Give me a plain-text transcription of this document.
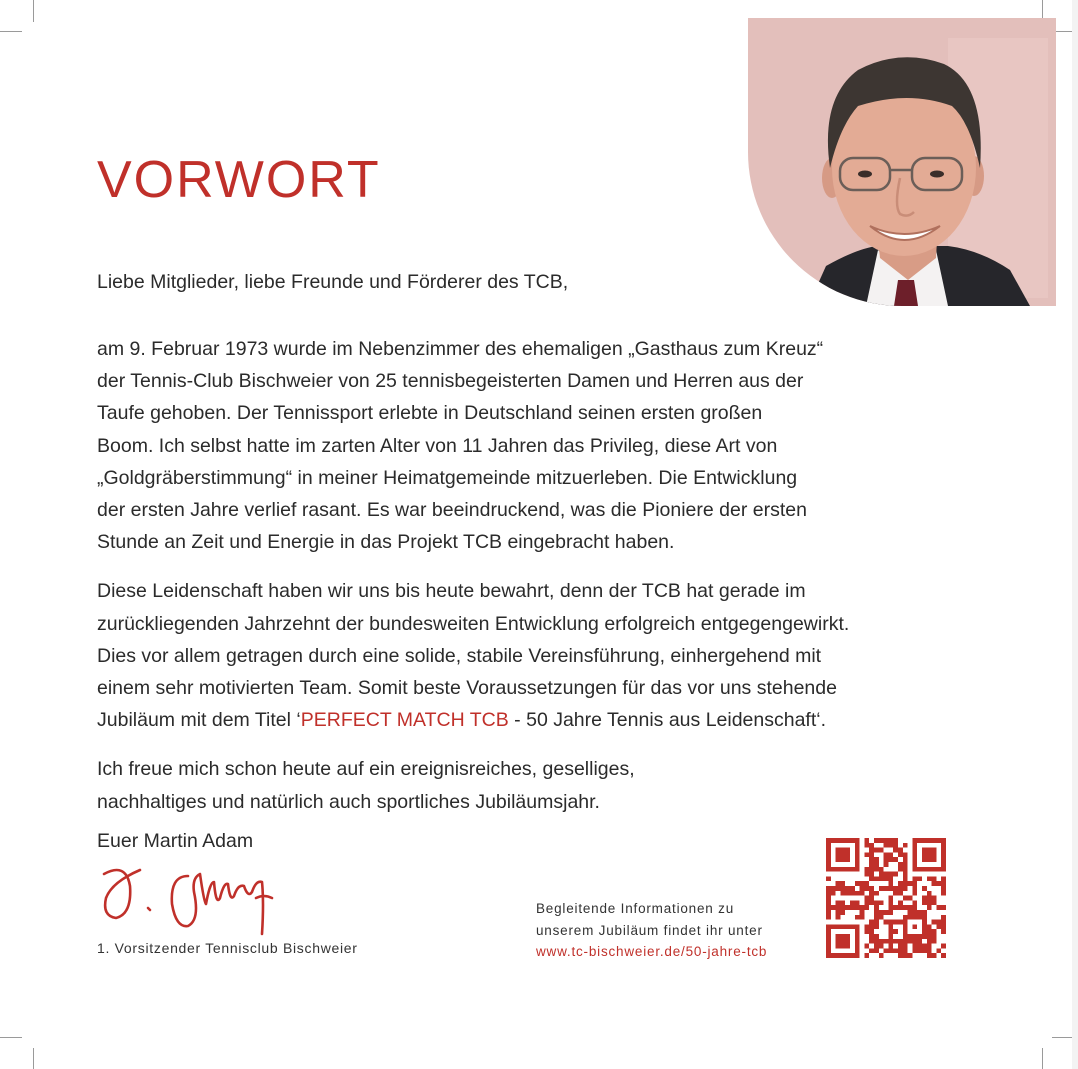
VORWORT

Liebe Mitglieder, liebe Freunde und Förderer des TCB,

am 9. Februar 1973 wurde im Nebenzimmer des ehemaligen „Gasthaus zum Kreuz“
der Tennis-Club Bischweier von 25 tennisbegeisterten Damen und Herren aus der
Taufe gehoben. Der Tennissport erlebte in Deutschland seinen ersten großen
Boom. Ich selbst hatte im zarten Alter von 11 Jahren das Privileg, diese Art von
„Goldgräberstimmung“ in meiner Heimatgemeinde mitzuerleben. Die Entwicklung
der ersten Jahre verlief rasant. Es war beeindruckend, was die Pioniere der ersten
Stunde an Zeit und Energie in das Projekt TCB eingebracht haben.

Diese Leidenschaft haben wir uns bis heute bewahrt, denn der TCB hat gerade im
zurückliegenden Jahrzehnt der bundesweiten Entwicklung erfolgreich entgegengewirkt.
Dies vor allem getragen durch eine solide, stabile Vereinsführung, einhergehend mit
einem sehr motivierten Team. Somit beste Voraussetzungen für das vor uns stehende
Jubiläum mit dem Titel ‘PERFECT MATCH TCB - 50 Jahre Tennis aus Leidenschaft‘.

Ich freue mich schon heute auf ein ereignisreiches, geselliges,
nachhaltiges und natürlich auch sportliches Jubiläumsjahr.

Euer Martin Adam

1. Vorsitzender Tennisclub Bischweier
Begleitende Informationen zu
unserem Jubiläum findet ihr unter
www.tc-bischweier.de/50-jahre-tcb
